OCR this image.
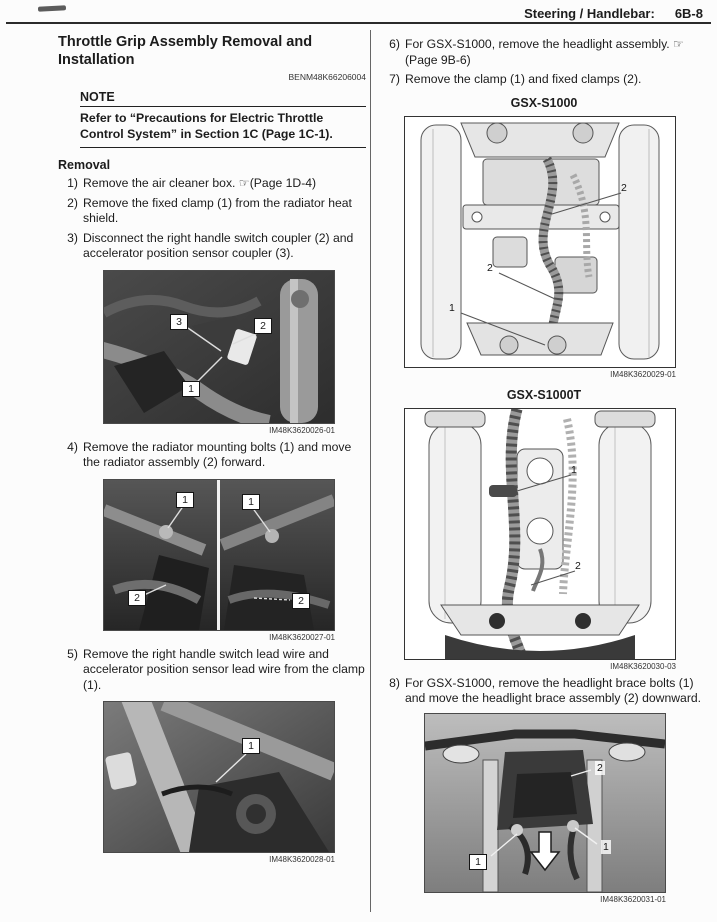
Steering / Handlebar: 6B-8
Throttle Grip Assembly Removal and Installation
BENM48K66206004
NOTE
Refer to “Precautions for Electric Throttle Control System” in Section 1C (Page 1C-1).
Removal
1) Remove the air cleaner box. ☞(Page 1D-4)
2) Remove the fixed clamp (1) from the radiator heat shield.
3) Disconnect the right handle switch coupler (2) and accelerator position sensor coupler (3).
3	2
1
IM48K3620026-01
4) Remove the radiator mounting bolts (1) and move the radiator assembly (2) forward.
1	1
2	2
IM48K3620027-01
5) Remove the right handle switch lead wire and accelerator position sensor lead wire from the clamp (1).
1
IM48K3620028-01
6) For GSX-S1000, remove the headlight assembly. ☞(Page 9B-6)
7) Remove the clamp (1) and fixed clamps (2).
GSX-S1000
2
2
1
IM48K3620029-01
GSX-S1000T
1
2
IM48K3620030-03
8) For GSX-S1000, remove the headlight brace bolts (1) and move the headlight brace assembly (2) downward.
2
1
1
IM48K3620031-01
